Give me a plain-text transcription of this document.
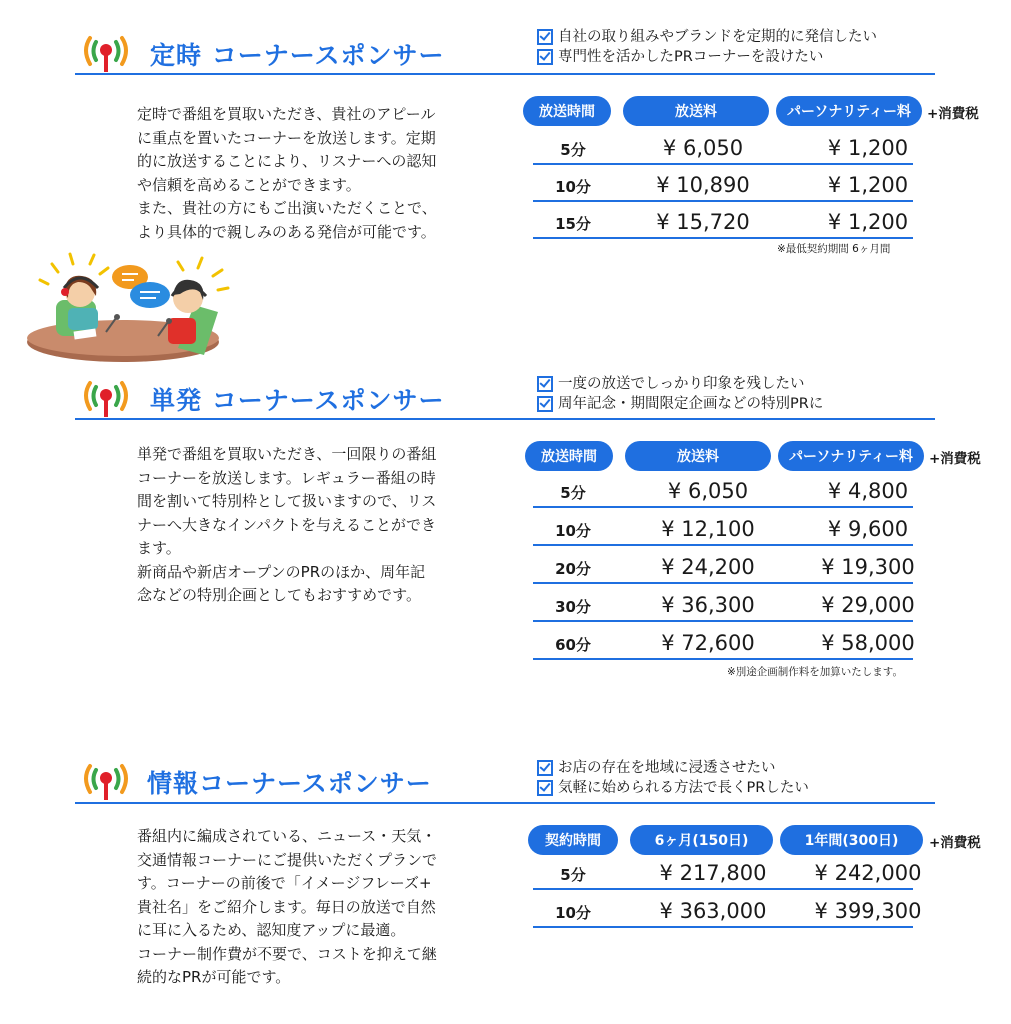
定時 コーナースポンサー
自社の取り組みやブランドを定期的に発信したい
専門性を活かしたPRコーナーを設けたい
定時で番組を買取いただき、貴社のアピール
に重点を置いたコーナーを放送します。定期
的に放送することにより、リスナーへの認知
や信頼を高めることができます。
また、貴社の方にもご出演いただくことで、
より具体的で親しみのある発信が可能です。
放送時間	放送料	パーソナリティー料	+消費税
5分	¥ 6,050	¥ 1,200
10分	¥ 10,890	¥ 1,200
15分	¥ 15,720	¥ 1,200
※最低契約期間 6ヶ月間
単発 コーナースポンサー
一度の放送でしっかり印象を残したい
周年記念・期間限定企画などの特別PRに
単発で番組を買取いただき、一回限りの番組
コーナーを放送します。レギュラー番組の時
間を割いて特別枠として扱いますので、リス
ナーへ大きなインパクトを与えることができ
ます。
新商品や新店オープンのPRのほか、周年記
念などの特別企画としてもおすすめです。
放送時間	放送料	パーソナリティー料	+消費税
5分	¥ 6,050	¥ 4,800
10分	¥ 12,100	¥ 9,600
20分	¥ 24,200	¥ 19,300
30分	¥ 36,300	¥ 29,000
60分	¥ 72,600	¥ 58,000
※別途企画制作料を加算いたします。
情報コーナースポンサー
お店の存在を地域に浸透させたい
気軽に始められる方法で長くPRしたい
番組内に編成されている、ニュース・天気・
交通情報コーナーにご提供いただくプランで
す。コーナーの前後で「イメージフレーズ+
貴社名」をご紹介します。毎日の放送で自然
に耳に入るため、認知度アップに最適。
コーナー制作費が不要で、コストを抑えて継
続的なPRが可能です。
契約時間	6ヶ月(150日)	1年間(300日)	+消費税
5分	¥ 217,800	¥ 242,000
10分	¥ 363,000	¥ 399,300
